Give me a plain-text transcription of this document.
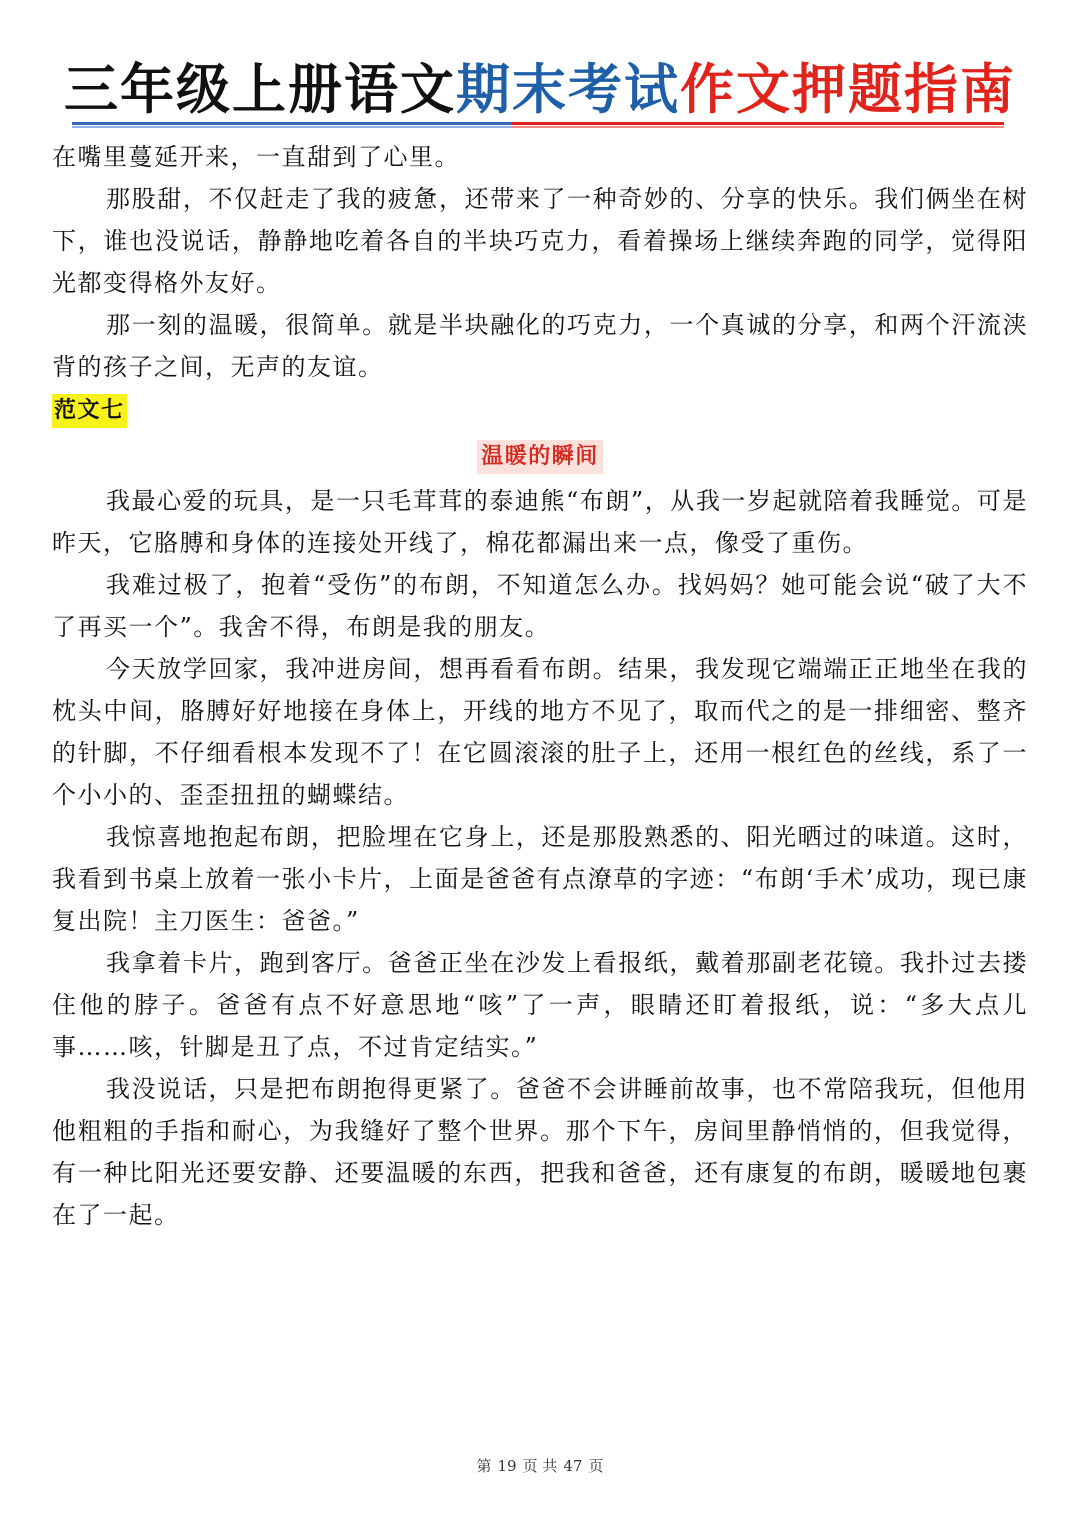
三年级上册语文期末考试作文押题指南

在嘴里蔓延开来，一直甜到了心里。

那股甜，不仅赶走了我的疲惫，还带来了一种奇妙的、分享的快乐。我们俩坐在树下，谁也没说话，静静地吃着各自的半块巧克力，看着操场上继续奔跑的同学，觉得阳光都变得格外友好。

那一刻的温暖，很简单。就是半块融化的巧克力，一个真诚的分享，和两个汗流浃背的孩子之间，无声的友谊。

范文七
温暖的瞬间

我最心爱的玩具，是一只毛茸茸的泰迪熊“布朗”，从我一岁起就陪着我睡觉。可是昨天，它胳膊和身体的连接处开线了，棉花都漏出来一点，像受了重伤。

我难过极了，抱着“受伤”的布朗，不知道怎么办。找妈妈？她可能会说“破了大不了再买一个”。我舍不得，布朗是我的朋友。

今天放学回家，我冲进房间，想再看看布朗。结果，我发现它端端正正地坐在我的枕头中间，胳膊好好地接在身体上，开线的地方不见了，取而代之的是一排细密、整齐的针脚，不仔细看根本发现不了！在它圆滚滚的肚子上，还用一根红色的丝线，系了一个小小的、歪歪扭扭的蝴蝶结。

我惊喜地抱起布朗，把脸埋在它身上，还是那股熟悉的、阳光晒过的味道。这时，我看到书桌上放着一张小卡片，上面是爸爸有点潦草的字迹：“布朗‘手术’成功，现已康复出院！主刀医生：爸爸。”

我拿着卡片，跑到客厅。爸爸正坐在沙发上看报纸，戴着那副老花镜。我扑过去搂住他的脖子。爸爸有点不好意思地“咳”了一声，眼睛还盯着报纸，说：“多大点儿事……咳，针脚是丑了点，不过肯定结实。”

我没说话，只是把布朗抱得更紧了。爸爸不会讲睡前故事，也不常陪我玩，但他用他粗粗的手指和耐心，为我缝好了整个世界。那个下午，房间里静悄悄的，但我觉得，有一种比阳光还要安静、还要温暖的东西，把我和爸爸，还有康复的布朗，暖暖地包裹在了一起。

第 19 页 共 47 页
